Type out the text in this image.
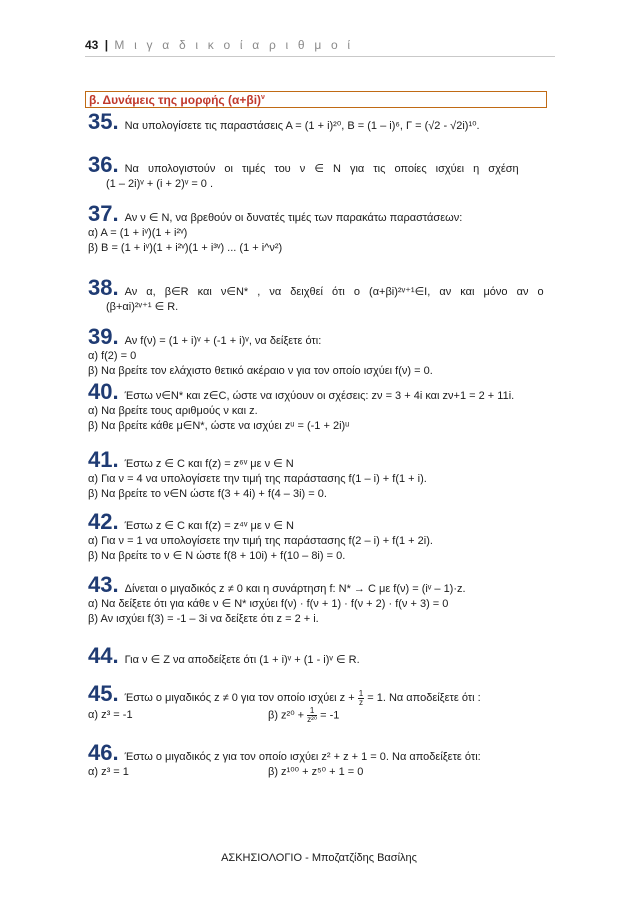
43 | Μ ι γ α δ ι κ ο ί α ρ ι θ μ ο ί
β. Δυνάμεις της μορφής $(\alpha+\beta i)^\nu$
35. Να υπολογίσετε τις παραστάσεις Α = (1 + i)²⁰, Β = (1 – i)⁶, Γ = (√2 - √2i)¹⁰.
36. Να υπολογιστούν οι τιμές του ν ∈ Ν για τις οποίες ισχύει η σχέση
(1 – 2i)ᵛ + (i + 2)ᵛ = 0 .
37. Αν ν ∈ N, να βρεθούν οι δυνατές τιμές των παρακάτω παραστάσεων:
α) Α = (1 + iᵛ)(1 + i²ᵛ)
β) Β = (1 + iᵛ)(1 + i²ᵛ)(1 + i³ᵛ) ... (1 + i^ν²)
38. Αν α, β∈R και ν∈Ν* , να δειχθεί ότι ο (α+βi)²ᵛ⁺¹∈Ι, αν και μόνο αν ο
(β+αi)²ᵛ⁺¹ ∈ R.
39. Αν f(ν) = (1 + i)ᵛ + (-1 + i)ᵛ, να δείξετε ότι:
α) f(2) = 0
β) Να βρείτε τον ελάχιστο θετικό ακέραιο ν για τον οποίο ισχύει f(ν) = 0.
40. Έστω ν∈Ν* και z∈C, ώστε να ισχύουν οι σχέσεις: zν = 3 + 4i και zν+1 = 2 + 11i.
α) Να βρείτε τους αριθμούς ν και z.
β) Να βρείτε κάθε μ∈Ν*, ώστε να ισχύει zᵘ = (-1 + 2i)ᵘ
41. Έστω z ∈ C και f(z) = z⁶ᵛ με ν ∈ N
α) Για ν = 4 να υπολογίσετε την τιμή της παράστασης f(1 – i) + f(1 + i).
β) Να βρείτε το ν∈Ν ώστε f(3 + 4i) + f(4 – 3i) = 0.
42. Έστω z ∈ C και f(z) = z⁴ᵛ με ν ∈ N
α) Για ν = 1 να υπολογίσετε την τιμή της παράστασης f(2 – i) + f(1 + 2i).
β) Να βρείτε το ν ∈ Ν ώστε f(8 + 10i) + f(10 – 8i) = 0.
43. Δίνεται ο μιγαδικός z ≠ 0 και η συνάρτηση f: N* → C με f(ν) = (iᵛ – 1)·z.
α) Να δείξετε ότι για κάθε ν ∈ N* ισχύει f(ν) · f(ν + 1) · f(ν + 2) · f(ν + 3) = 0
β) Αν ισχύει f(3) = -1 – 3i να δείξετε ότι z = 2 + i.
44. Για ν ∈ Z να αποδείξετε ότι (1 + i)ᵛ + (1 - i)ᵛ ∈ R.
45. Έστω ο μιγαδικός z ≠ 0 για τον οποίο ισχύει $z + \frac{1}{z} = 1$. Να αποδείξετε ότι :
α) z³ = -1	β) $z^{20} + \frac{1}{\text{z²⁰}} = -1$
46. Έστω ο μιγαδικός z για τον οποίο ισχύει z² + z + 1 = 0. Να αποδείξετε ότι:
α) z³ = 1	β) z¹⁰⁰ + z⁵⁰ + 1 = 0
ΑΣΚΗΣΙΟΛΟΓΙΟ - Μποζατζίδης Βασίλης
